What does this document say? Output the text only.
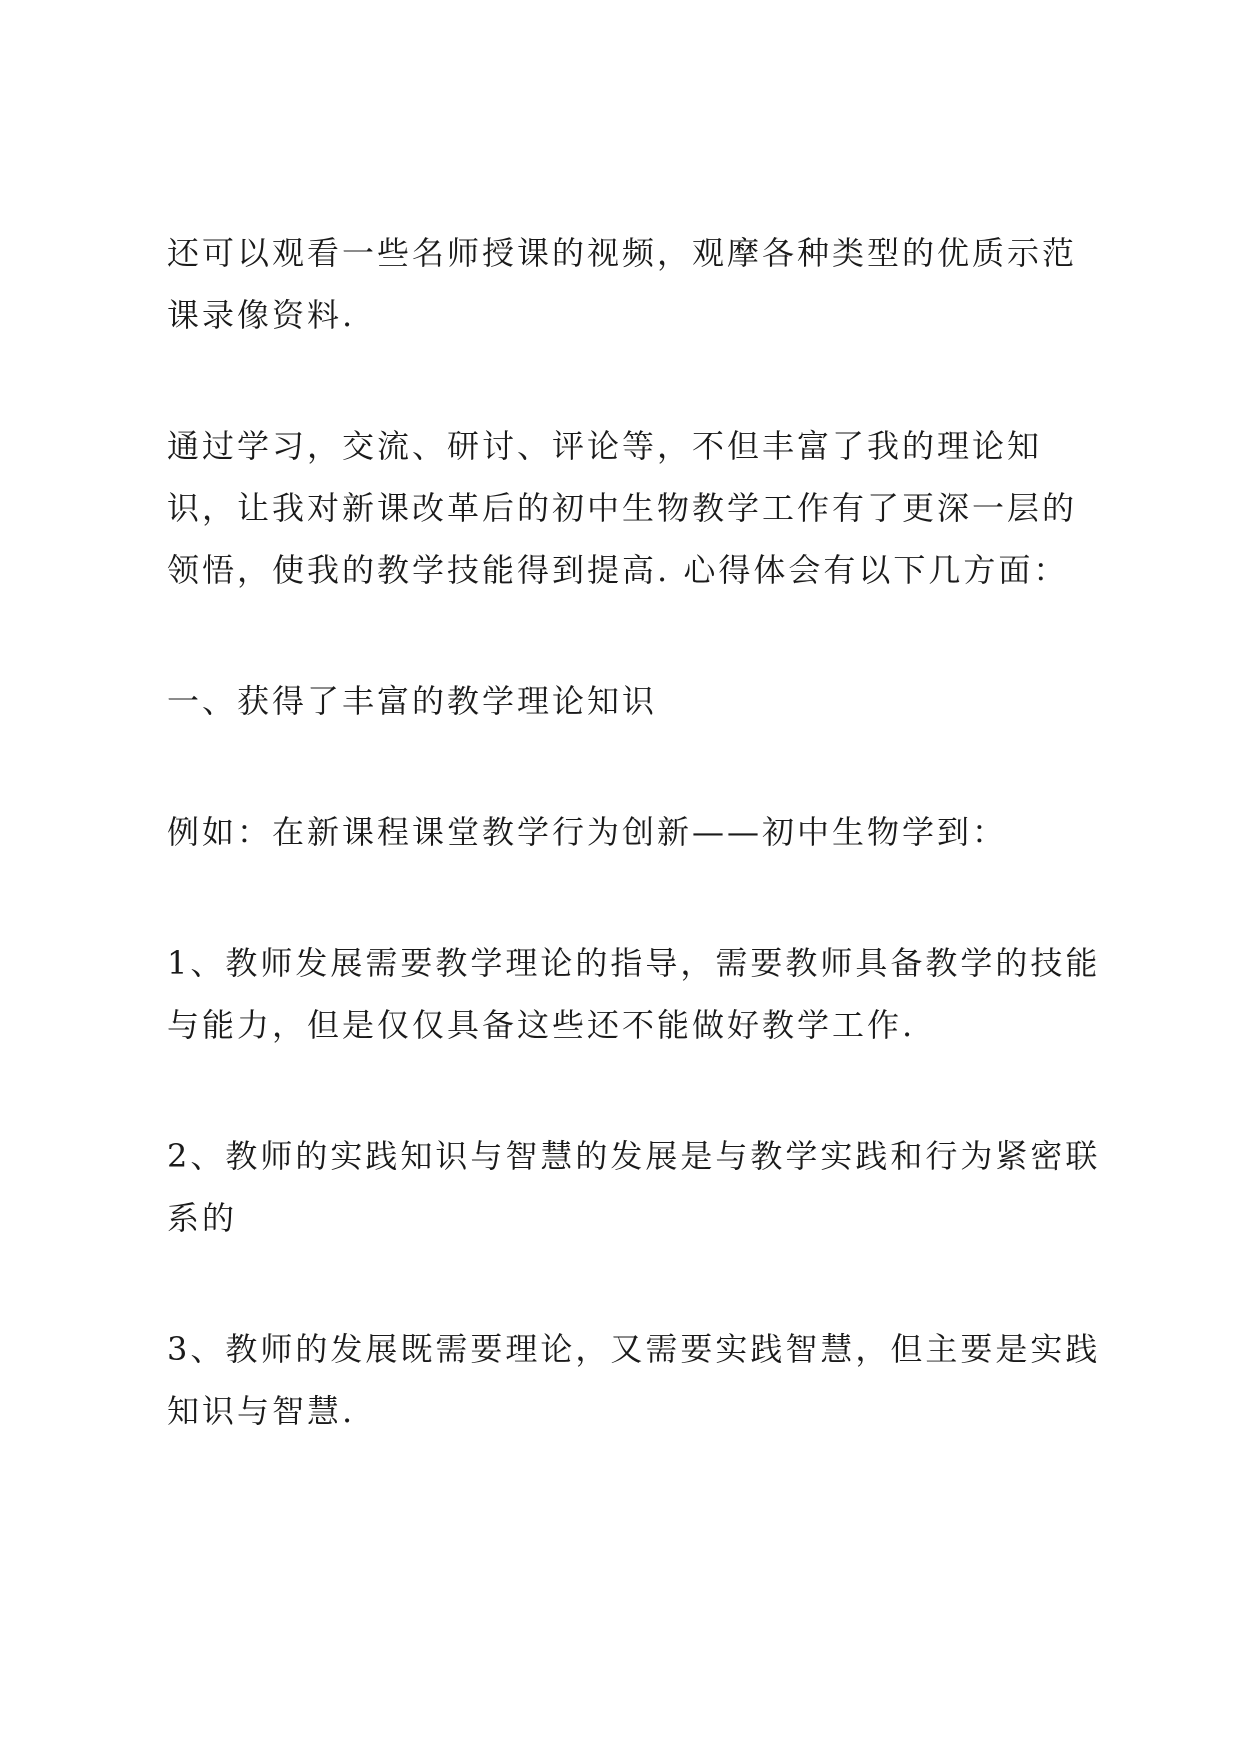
还可以观看一些名师授课的视频，观摩各种类型的优质示范课录像资料.

通过学习，交流、研讨、评论等，不但丰富了我的理论知识，让我对新课改革后的初中生物教学工作有了更深一层的领悟，使我的教学技能得到提高. 心得体会有以下几方面：

一、获得了丰富的教学理论知识

例如：在新课程课堂教学行为创新——初中生物学到：

1、教师发展需要教学理论的指导，需要教师具备教学的技能与能力，但是仅仅具备这些还不能做好教学工作.

2、教师的实践知识与智慧的发展是与教学实践和行为紧密联系的

3、教师的发展既需要理论，又需要实践智慧，但主要是实践知识与智慧.
